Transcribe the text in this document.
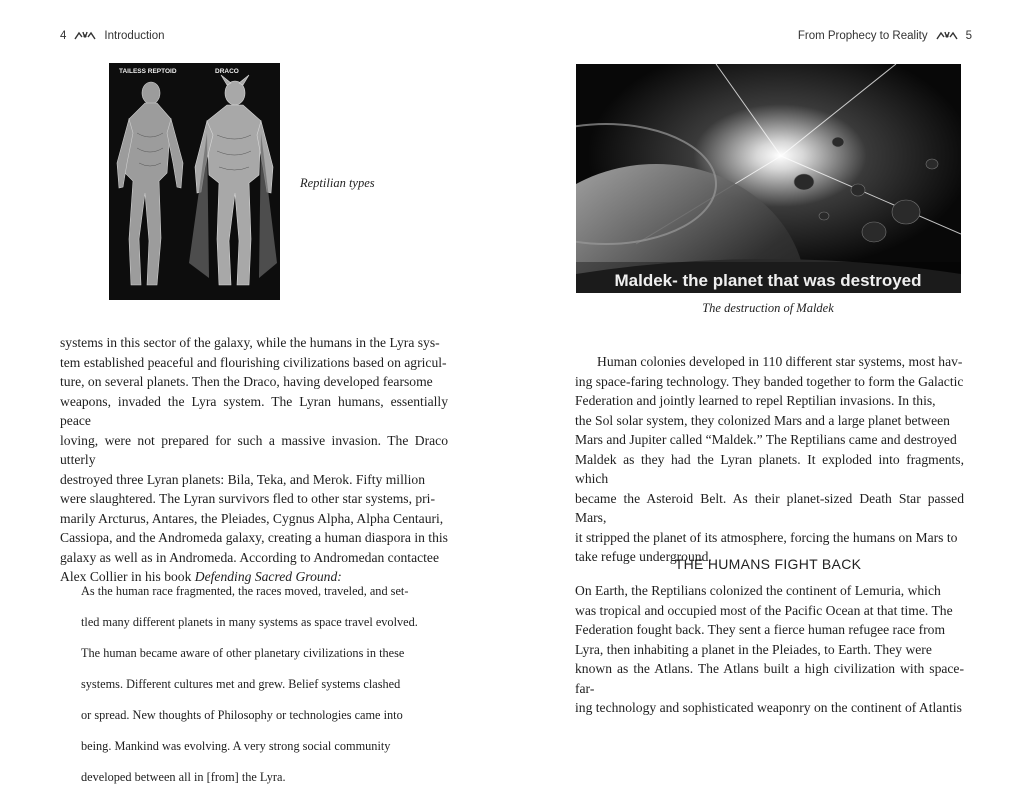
4	Introduction
TAILESS REPTOID	DRACO
Reptilian types

systems in this sector of the galaxy, while the humans in the Lyra sys-

tem established peaceful and flourishing civilizations based on agricul-

ture, on several planets. Then the Draco, having developed fearsome

weapons, invaded the Lyra system. The Lyran humans, essentially peace

loving, were not prepared for such a massive invasion. The Draco utterly

destroyed three Lyran planets: Bila, Teka, and Merok. Fifty million

were slaughtered. The Lyran survivors fled to other star systems, pri-

marily Arcturus, Antares, the Pleiades, Cygnus Alpha, Alpha Centauri,

Cassiopa, and the Andromeda galaxy, creating a human diaspora in this

galaxy as well as in Andromeda. According to Andromedan contactee

Alex Collier in his book Defending Sacred Ground:

As the human race fragmented, the races moved, traveled, and set-

tled many different planets in many systems as space travel evolved.

The human became aware of other planetary civilizations in these

systems. Different cultures met and grew. Belief systems clashed

or spread. New thoughts of Philosophy or technologies came into

being. Mankind was evolving. A very strong social community

developed between all in [from] the Lyra.

From Prophecy to Reality	5
Maldek- the planet that was destroyed
The destruction of Maldek

Human colonies developed in 110 different star systems, most hav-

ing space-faring technology. They banded together to form the Galactic

Federation and jointly learned to repel Reptilian invasions. In this,

the Sol solar system, they colonized Mars and a large planet between

Mars and Jupiter called “Maldek.” The Reptilians came and destroyed

Maldek as they had the Lyran planets. It exploded into fragments, which

became the Asteroid Belt. As their planet-sized Death Star passed Mars,

it stripped the planet of its atmosphere, forcing the humans on Mars to

take refuge underground.

THE HUMANS FIGHT BACK

On Earth, the Reptilians colonized the continent of Lemuria, which

was tropical and occupied most of the Pacific Ocean at that time. The

Federation fought back. They sent a fierce human refugee race from

Lyra, then inhabiting a planet in the Pleiades, to Earth. They were

known as the Atlans. The Atlans built a high civilization with space-far-

ing technology and sophisticated weaponry on the continent of Atlantis
